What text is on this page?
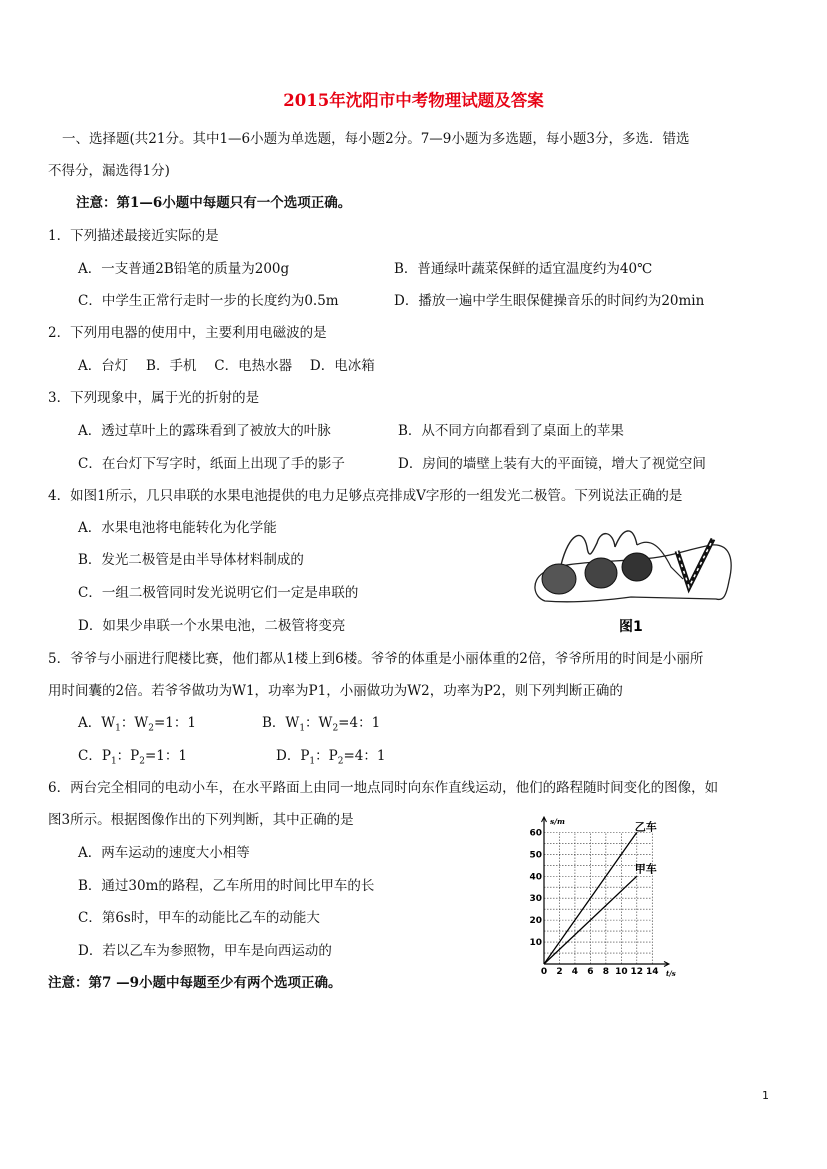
2015年沈阳市中考物理试题及答案
一、选择题(共21分。其中1—6小题为单选题，每小题2分。7—9小题为多选题，每小题3分，多选．错选
不得分，漏选得1分)
注意：第1—6小题中每题只有一个选项正确。
1．下列描述最接近实际的是
A．一支普通2B铅笔的质量为200g	B．普通绿叶蔬菜保鲜的适宜温度约为40℃
C．中学生正常行走时一步的长度约为0.5m	D．播放一遍中学生眼保健操音乐的时间约为20min
2．下列用电器的使用中，主要利用电磁波的是
A．台灯　 B．手机　 C．电热水器　 D．电冰箱
3．下列现象中，属于光的折射的是
A．透过草叶上的露珠看到了被放大的叶脉	B．从不同方向都看到了桌面上的苹果
C．在台灯下写字时，纸面上出现了手的影子	D．房间的墙壁上装有大的平面镜，增大了视觉空间
4．如图1所示，几只串联的水果电池提供的电力足够点亮排成V字形的一组发光二极管。下列说法正确的是
A．水果电池将电能转化为化学能
B．发光二极管是由半导体材料制成的
C．一组二极管同时发光说明它们一定是串联的
D．如果少串联一个水果电池，二极管将变亮	图1
5．爷爷与小丽进行爬楼比赛，他们都从1楼上到6楼。爷爷的体重是小丽体重的2倍，爷爷所用的时间是小丽所
用时间囊的2倍。若爷爷做功为W1，功率为P1，小丽做功为W2，功率为P2，则下列判断正确的
A．$W_1$：$W_2=1$：1	B．$W_1$：$W_2=4$：1
C．$P_1$：$P_2=1$：1	D．$P_1$：$P_2=4$：1
6．两台完全相同的电动小车，在水平路面上由同一地点同时向东作直线运动，他们的路程随时间变化的图像，如
图3所示。根据图像作出的下列判断，其中正确的是
A．两车运动的速度大小相等
B．通过30m的路程，乙车所用的时间比甲车的长
C．第6s时，甲车的动能比乙车的动能大
D．若以乙车为参照物，甲车是向西运动的
0 2 4 6 8 10 12 14
10
20
30
40
50
60
s/m
t/s
乙车
甲车
注意：第7 —9小题中每题至少有两个选项正确。
1
